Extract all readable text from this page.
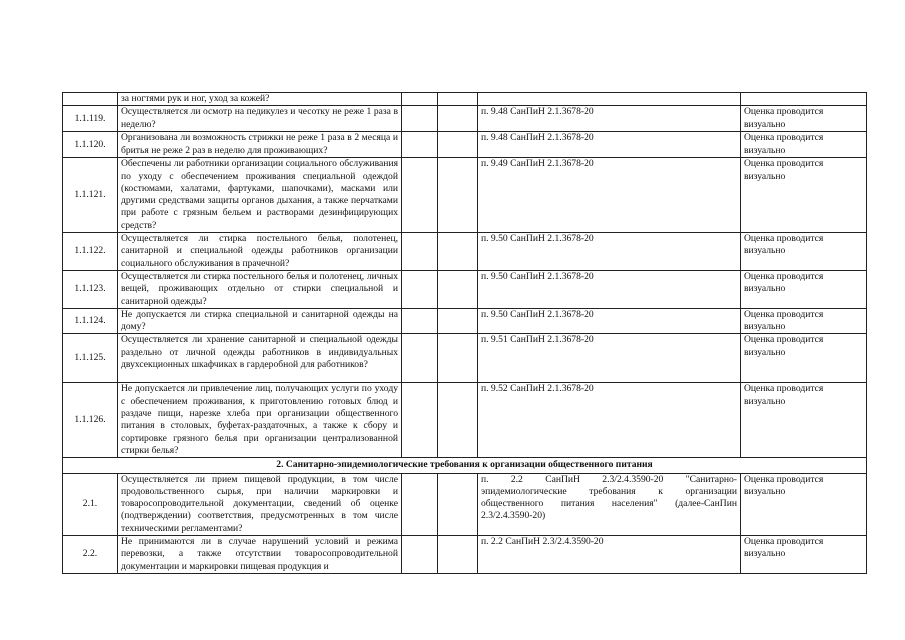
	за ногтями рук и ног, уход за кожей?				
1.1.119.	Осуществляется ли осмотр на педикулез и чесотку не реже 1 раза в неделю?			п. 9.48 СанПиН 2.1.3678-20	Оценка проводится визуально
1.1.120.	Организована ли возможность стрижки не реже 1 раза в 2 месяца и бритья не реже 2 раз в неделю для проживающих?			п. 9.48 СанПиН 2.1.3678-20	Оценка проводится визуально
1.1.121.	Обеспечены ли работники организации социального обслуживания по уходу с обеспечением проживания специальной одеждой (костюмами, халатами, фартуками, шапочками), масками или другими средствами защиты органов дыхания, а также перчатками при работе с грязным бельем и растворами дезинфицирующих средств?			п. 9.49 СанПиН 2.1.3678-20	Оценка проводится визуально
1.1.122.	Осуществляется ли стирка постельного белья, полотенец, санитарной и специальной одежды работников организации социального обслуживания в прачечной?			п. 9.50 СанПиН 2.1.3678-20	Оценка проводится визуально
1.1.123.	Осуществляется ли стирка постельного белья и полотенец, личных вещей, проживающих отдельно от стирки специальной и санитарной одежды?			п. 9.50 СанПиН 2.1.3678-20	Оценка проводится визуально
1.1.124.	Не допускается ли стирка специальной и санитарной одежды на дому?			п. 9.50 СанПиН 2.1.3678-20	Оценка проводится визуально
1.1.125.	Осуществляется ли хранение санитарной и специальной одежды раздельно от личной одежды работников в индивидуальных двухсекционных шкафчиках в гардеробной для работников?			п. 9.51 СанПиН 2.1.3678-20	Оценка проводится визуально
1.1.126.	Не допускается ли привлечение лиц, получающих услуги по уходу с обеспечением проживания, к приготовлению готовых блюд и раздаче пищи, нарезке хлеба при организации общественного питания в столовых, буфетах-раздаточных, а также к сбору и сортировке грязного белья при организации централизованной стирки белья?			п. 9.52 СанПиН 2.1.3678-20	Оценка проводится визуально
2. Санитарно-эпидемиологические требования к организации общественного питания					
2.1.	Осуществляется ли прием пищевой продукции, в том числе продовольственного сырья, при наличии маркировки и товаросопроводительной документации, сведений об оценке (подтверждении) соответствия, предусмотренных в том числе техническими регламентами?			п. 2.2 СанПиН 2.3/2.4.3590-20 "Санитарно-эпидемиологические требования к организации общественного питания населения" (далее-СанПин 2.3/2.4.3590-20)	Оценка проводится визуально
2.2.	Не принимаются ли в случае нарушений условий и режима перевозки, а также отсутствии товаросопроводительной документации и маркировки пищевая продукция и			п. 2.2 СанПиН 2.3/2.4.3590-20	Оценка проводится визуально
